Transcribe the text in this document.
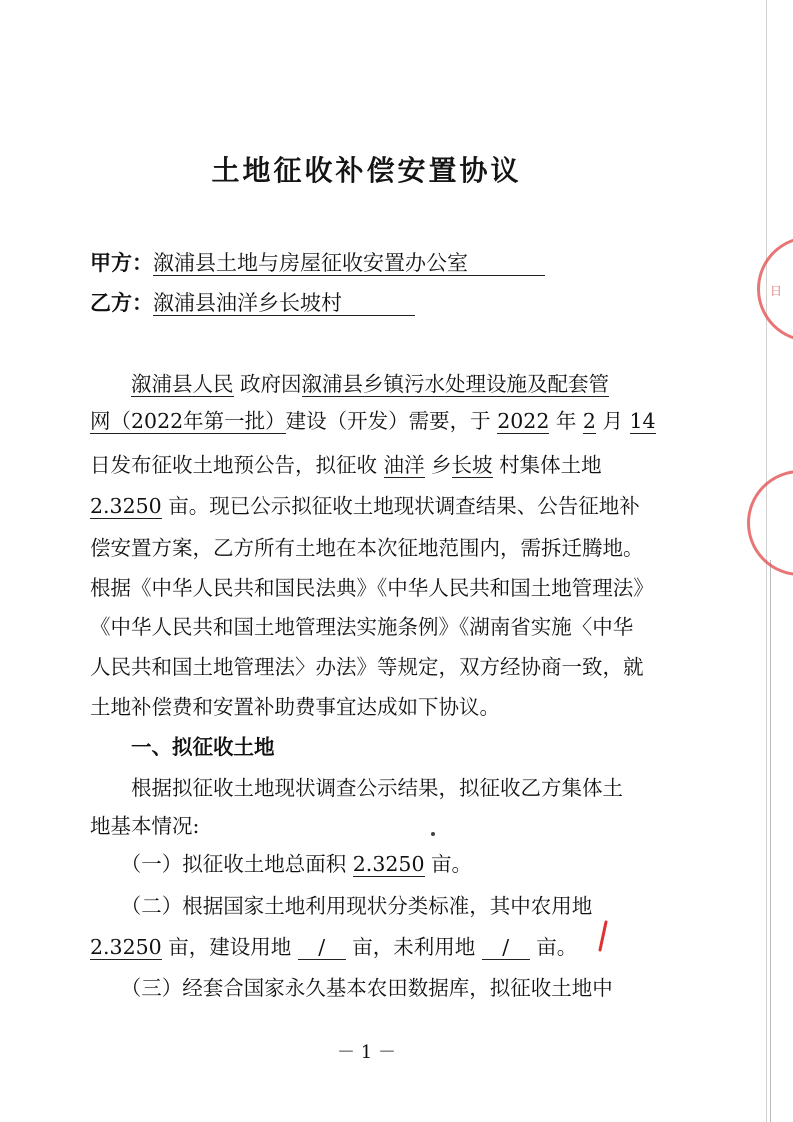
土地征收补偿安置协议
甲方：溆浦县土地与房屋征收安置办公室
乙方：溆浦县油洋乡长坡村
　　溆浦县人民 政府因溆浦县乡镇污水处理设施及配套管
网（2022年第一批）建设（开发）需要，于 2022 年 2 月 14
日发布征收土地预公告，拟征收 油洋 乡长坡 村集体土地
2.3250 亩。现已公示拟征收土地现状调查结果、公告征地补
偿安置方案，乙方所有土地在本次征地范围内，需拆迁腾地。
根据《中华人民共和国民法典》《中华人民共和国土地管理法》
《中华人民共和国土地管理法实施条例》《湖南省实施〈中华
人民共和国土地管理法〉办法》等规定，双方经协商一致，就
土地补偿费和安置补助费事宜达成如下协议。
　　一、拟征收土地
　　根据拟征收土地现状调查公示结果，拟征收乙方集体土
地基本情况:
　　（一）拟征收土地总面积 2.3250 亩。
　　（二）根据国家土地利用现状分类标准，其中农用地
2.3250 亩，建设用地 　/　 亩，未利用地 　/　 亩。
　　（三）经套合国家永久基本农田数据库，拟征收土地中
－ 1 －
日
